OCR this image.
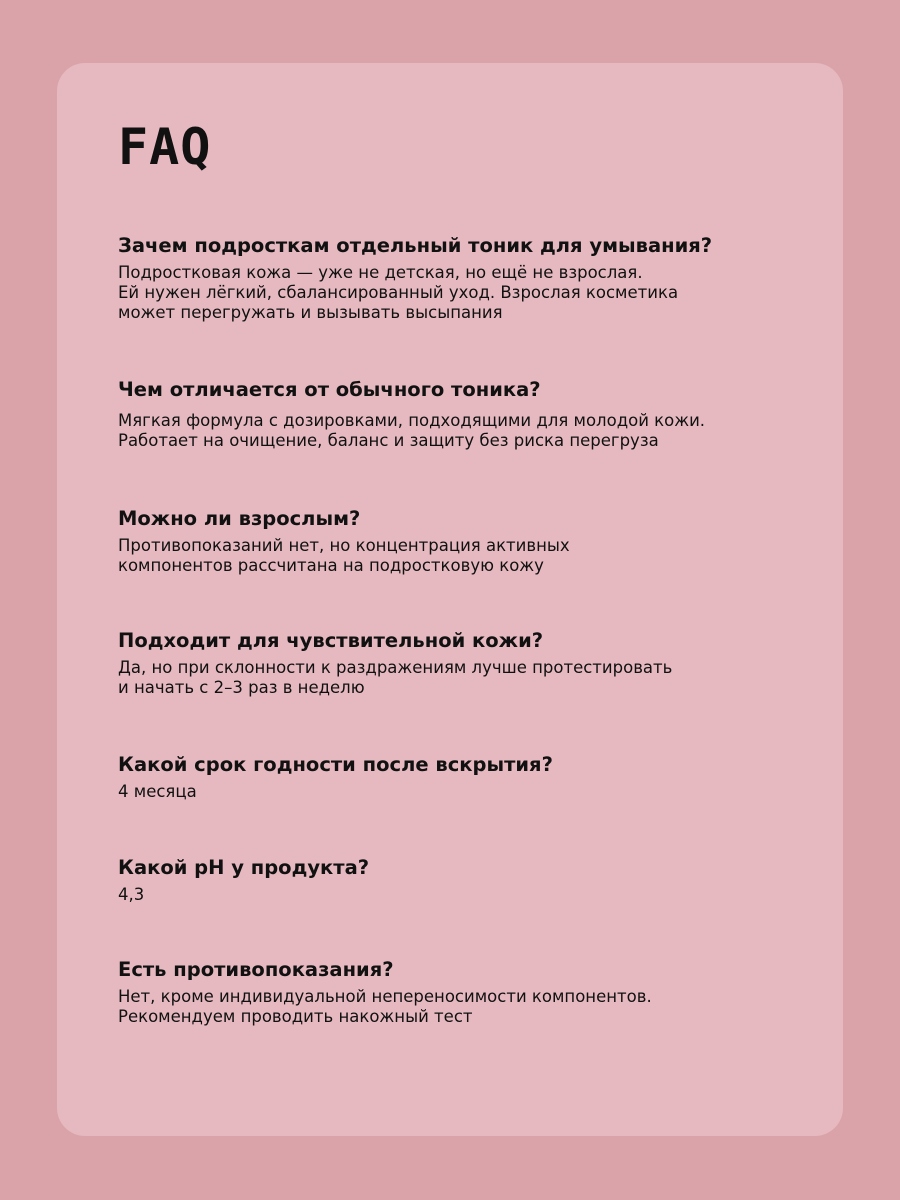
FAQ
Зачем подросткам отдельный тоник для умывания?
Подростковая кожа — уже не детская, но ещё не взрослая.
Ей нужен лёгкий, сбалансированный уход. Взрослая косметика
может перегружать и вызывать высыпания
Чем отличается от обычного тоника?
Мягкая формула с дозировками, подходящими для молодой кожи.
Работает на очищение, баланс и защиту без риска перегруза
Можно ли взрослым?
Противопоказаний нет, но концентрация активных
компонентов рассчитана на подростковую кожу
Подходит для чувствительной кожи?
Да, но при склонности к раздражениям лучше протестировать
и начать с 2–3 раз в неделю
Какой срок годности после вскрытия?
4 месяца
Какой pH у продукта?
4,3
Есть противопоказания?
Нет, кроме индивидуальной непереносимости компонентов.
Рекомендуем проводить накожный тест
